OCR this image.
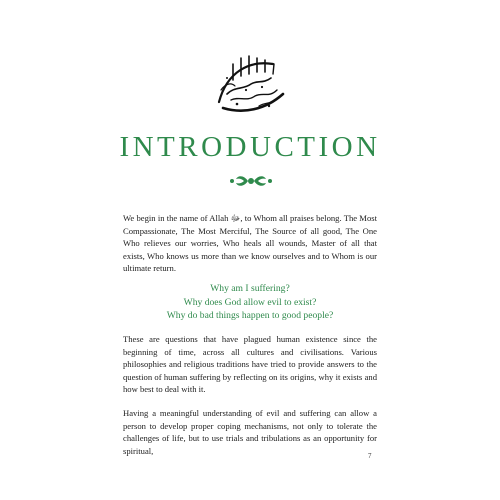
INTRODUCTION

We begin in the name of Allah ﷻ, to Whom all praises belong. The Most Compassionate, The Most Merciful, The Source of all good, The One Who relieves our worries, Who heals all wounds, Master of all that exists, Who knows us more than we know ourselves and to Whom is our ultimate return.

Why am I suffering?
Why does God allow evil to exist?
Why do bad things happen to good people?

These are questions that have plagued human existence since the beginning of time, across all cultures and civilisations. Various philosophies and religious traditions have tried to provide answers to the question of human suffering by reflecting on its origins, why it exists and how best to deal with it.

Having a meaningful understanding of evil and suffering can allow a person to develop proper coping mechanisms, not only to tolerate the challenges of life, but to use trials and tribulations as an opportunity for spiritual,

7
